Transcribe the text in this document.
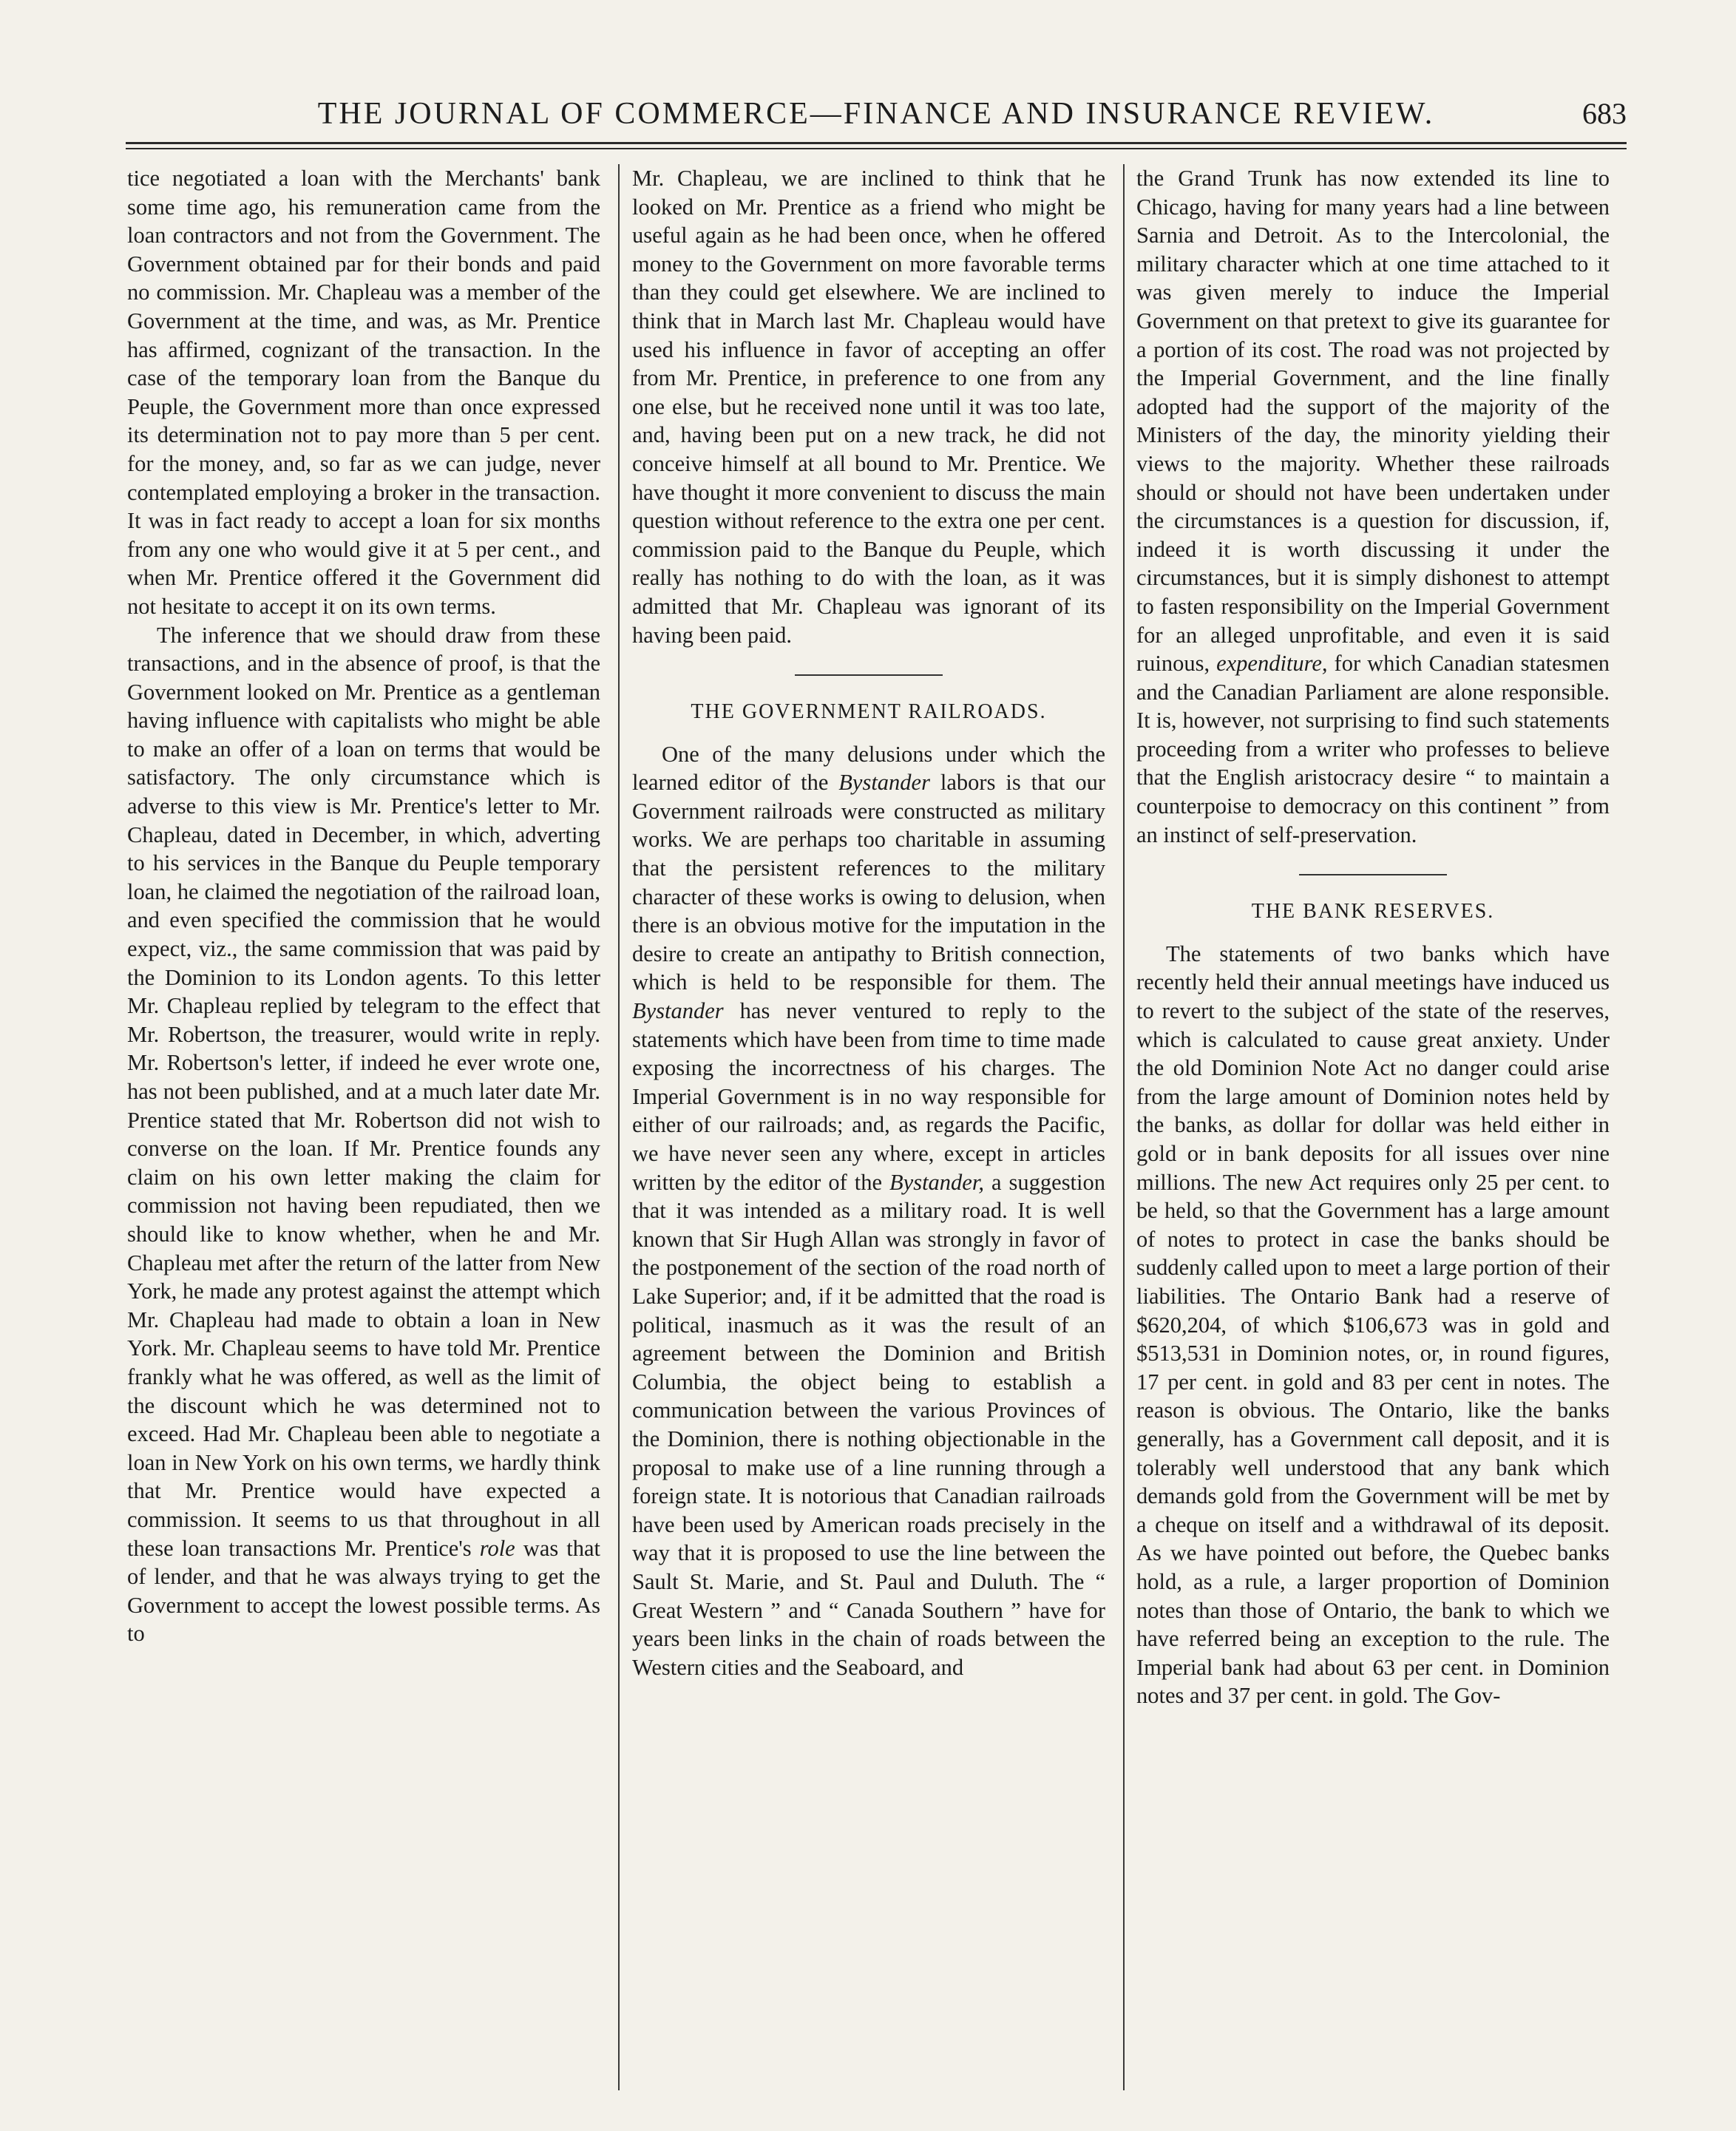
THE JOURNAL OF COMMERCE—FINANCE AND INSURANCE REVIEW.	683

tice negotiated a loan with the Merchants' bank some time ago, his remuneration came from the loan contractors and not from the Government. The Government obtained par for their bonds and paid no commission. Mr. Chapleau was a member of the Government at the time, and was, as Mr. Prentice has affirmed, cognizant of the transaction. In the case of the temporary loan from the Banque du Peuple, the Government more than once expressed its determination not to pay more than 5 per cent. for the money, and, so far as we can judge, never contemplated employing a broker in the transaction. It was in fact ready to accept a loan for six months from any one who would give it at 5 per cent., and when Mr. Prentice offered it the Government did not hesitate to accept it on its own terms.

The inference that we should draw from these transactions, and in the absence of proof, is that the Government looked on Mr. Prentice as a gentleman having influence with capitalists who might be able to make an offer of a loan on terms that would be satisfactory. The only circumstance which is adverse to this view is Mr. Prentice's letter to Mr. Chapleau, dated in December, in which, adverting to his services in the Banque du Peuple temporary loan, he claimed the negotiation of the railroad loan, and even specified the commission that he would expect, viz., the same commission that was paid by the Dominion to its London agents. To this letter Mr. Chapleau replied by telegram to the effect that Mr. Robertson, the treasurer, would write in reply. Mr. Robertson's letter, if indeed he ever wrote one, has not been published, and at a much later date Mr. Prentice stated that Mr. Robertson did not wish to converse on the loan. If Mr. Prentice founds any claim on his own letter making the claim for commission not having been repudiated, then we should like to know whether, when he and Mr. Chapleau met after the return of the latter from New York, he made any protest against the attempt which Mr. Chapleau had made to obtain a loan in New York. Mr. Chapleau seems to have told Mr. Prentice frankly what he was offered, as well as the limit of the discount which he was determined not to exceed. Had Mr. Chapleau been able to negotiate a loan in New York on his own terms, we hardly think that Mr. Prentice would have expected a commission. It seems to us that throughout in all these loan transactions Mr. Prentice's role was that of lender, and that he was always trying to get the Government to accept the lowest possible terms. As to

Mr. Chapleau, we are inclined to think that he looked on Mr. Prentice as a friend who might be useful again as he had been once, when he offered money to the Government on more favorable terms than they could get elsewhere. We are inclined to think that in March last Mr. Chapleau would have used his influence in favor of accepting an offer from Mr. Prentice, in preference to one from any one else, but he received none until it was too late, and, having been put on a new track, he did not conceive himself at all bound to Mr. Prentice. We have thought it more convenient to discuss the main question without reference to the extra one per cent. commission paid to the Banque du Peuple, which really has nothing to do with the loan, as it was admitted that Mr. Chapleau was ignorant of its having been paid.

THE GOVERNMENT RAILROADS.

One of the many delusions under which the learned editor of the Bystander labors is that our Government railroads were constructed as military works. We are perhaps too charitable in assuming that the persistent references to the military character of these works is owing to delusion, when there is an obvious motive for the imputation in the desire to create an antipathy to British connection, which is held to be responsible for them. The Bystander has never ventured to reply to the statements which have been from time to time made exposing the incorrectness of his charges. The Imperial Government is in no way responsible for either of our railroads; and, as regards the Pacific, we have never seen any where, except in articles written by the editor of the Bystander, a suggestion that it was intended as a military road. It is well known that Sir Hugh Allan was strongly in favor of the postponement of the section of the road north of Lake Superior; and, if it be admitted that the road is political, inasmuch as it was the result of an agreement between the Dominion and British Columbia, the object being to establish a communication between the various Provinces of the Dominion, there is nothing objectionable in the proposal to make use of a line running through a foreign state. It is notorious that Canadian railroads have been used by American roads precisely in the way that it is proposed to use the line between the Sault St. Marie, and St. Paul and Duluth. The “ Great Western ” and “ Canada Southern ” have for years been links in the chain of roads between the Western cities and the Seaboard, and

the Grand Trunk has now extended its line to Chicago, having for many years had a line between Sarnia and Detroit. As to the Intercolonial, the military character which at one time attached to it was given merely to induce the Imperial Government on that pretext to give its guarantee for a portion of its cost. The road was not projected by the Imperial Government, and the line finally adopted had the support of the majority of the Ministers of the day, the minority yielding their views to the majority. Whether these railroads should or should not have been undertaken under the circumstances is a question for discussion, if, indeed it is worth discussing it under the circumstances, but it is simply dishonest to attempt to fasten responsibility on the Imperial Government for an alleged unprofitable, and even it is said ruinous, expenditure, for which Canadian statesmen and the Canadian Parliament are alone responsible. It is, however, not surprising to find such statements proceeding from a writer who professes to believe that the English aristocracy desire “ to maintain a counterpoise to democracy on this continent ” from an instinct of self-preservation.

THE BANK RESERVES.

The statements of two banks which have recently held their annual meetings have induced us to revert to the subject of the state of the reserves, which is calculated to cause great anxiety. Under the old Dominion Note Act no danger could arise from the large amount of Dominion notes held by the banks, as dollar for dollar was held either in gold or in bank deposits for all issues over nine millions. The new Act requires only 25 per cent. to be held, so that the Government has a large amount of notes to protect in case the banks should be suddenly called upon to meet a large portion of their liabilities. The Ontario Bank had a reserve of $620,204, of which $106,673 was in gold and $513,531 in Dominion notes, or, in round figures, 17 per cent. in gold and 83 per cent in notes. The reason is obvious. The Ontario, like the banks generally, has a Government call deposit, and it is tolerably well understood that any bank which demands gold from the Government will be met by a cheque on itself and a withdrawal of its deposit. As we have pointed out before, the Quebec banks hold, as a rule, a larger proportion of Dominion notes than those of Ontario, the bank to which we have referred being an exception to the rule. The Imperial bank had about 63 per cent. in Dominion notes and 37 per cent. in gold. The Gov-
